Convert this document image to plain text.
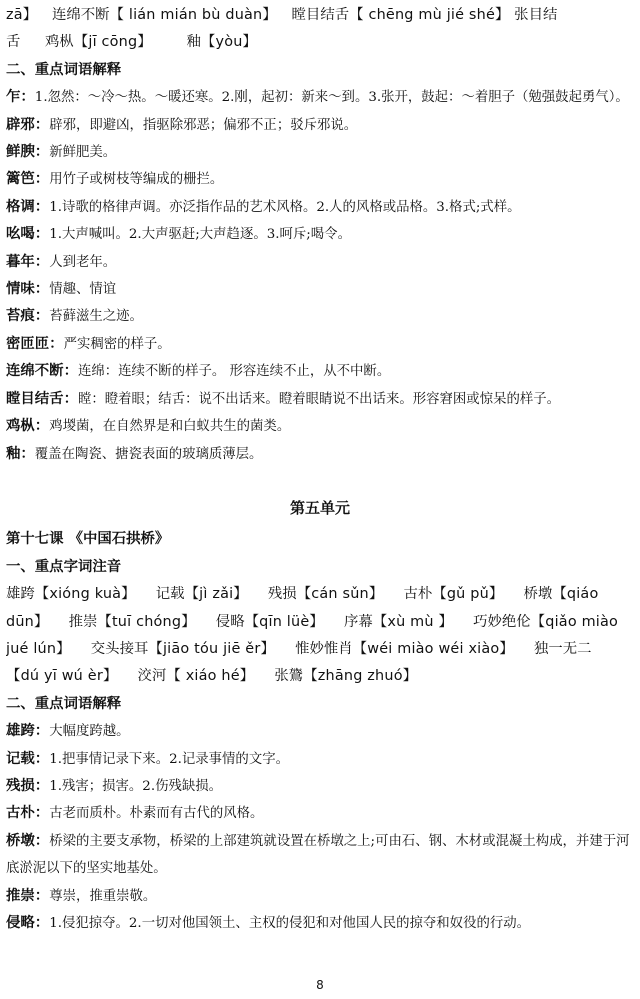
zā】 连绵不断【 lián mián bù duàn】 瞠目结舌【 chēng mù jié shé】 张目结
舌 鸡枞【jī cōng】 釉【yòu】
二、重点词语解释
乍：1.忽然：～冷～热。～暖还寒。2.刚，起初：新来～到。3.张开，鼓起：～着胆子（勉强鼓起勇气）。
辟邪：辟邪，即避凶，指驱除邪恶；偏邪不正；驳斥邪说。
鲜腴：新鲜肥美。
篱笆：用竹子或树枝等编成的栅拦。
格调：1.诗歌的格律声调。亦泛指作品的艺术风格。2.人的风格或品格。3.格式;式样。
吆喝：1.大声喊叫。2.大声驱赶;大声趋逐。3.呵斥;喝令。
暮年：人到老年。
情味：情趣、情谊
苔痕：苔藓滋生之迹。
密匝匝：严实稠密的样子。
连绵不断：连绵：连续不断的样子。 形容连续不止，从不中断。
瞠目结舌：瞠：瞪着眼；结舌：说不出话来。瞪着眼睛说不出话来。形容窘困或惊呆的样子。
鸡枞：鸡堫菌，在自然界是和白蚁共生的菌类。
釉：覆盖在陶瓷、搪瓷表面的玻璃质薄层。
第五单元
第十七课 《中国石拱桥》
一、重点字词注音
雄跨【xióng kuà】 记载【jì zǎi】 残损【cán sǔn】 古朴【gǔ pǔ】 桥墩【qiáo
dūn】 推崇【tuī chóng】 侵略【qīn lüè】 序幕【xù mù 】 巧妙绝伦【qiǎo miào
jué lún】 交头接耳【jiāo tóu jiē ěr】 惟妙惟肖【wéi miào wéi xiào】 独一无二
【dú yī wú èr】 洨河【 xiáo hé】 张鷟【zhāng zhuó】
二、重点词语解释
雄跨：大幅度跨越。
记载：1.把事情记录下来。2.记录事情的文字。
残损：1.残害；损害。2.伤残缺损。
古朴：古老而质朴。朴素而有古代的风格。
桥墩：桥梁的主要支承物，桥梁的上部建筑就设置在桥墩之上;可由石、钢、木材或混凝土构成，并建于河底淤泥以下的坚实地基处。
推崇：尊崇，推重崇敬。
侵略：1.侵犯掠夺。2.一切对他国领土、主权的侵犯和对他国人民的掠夺和奴役的行动。
8
